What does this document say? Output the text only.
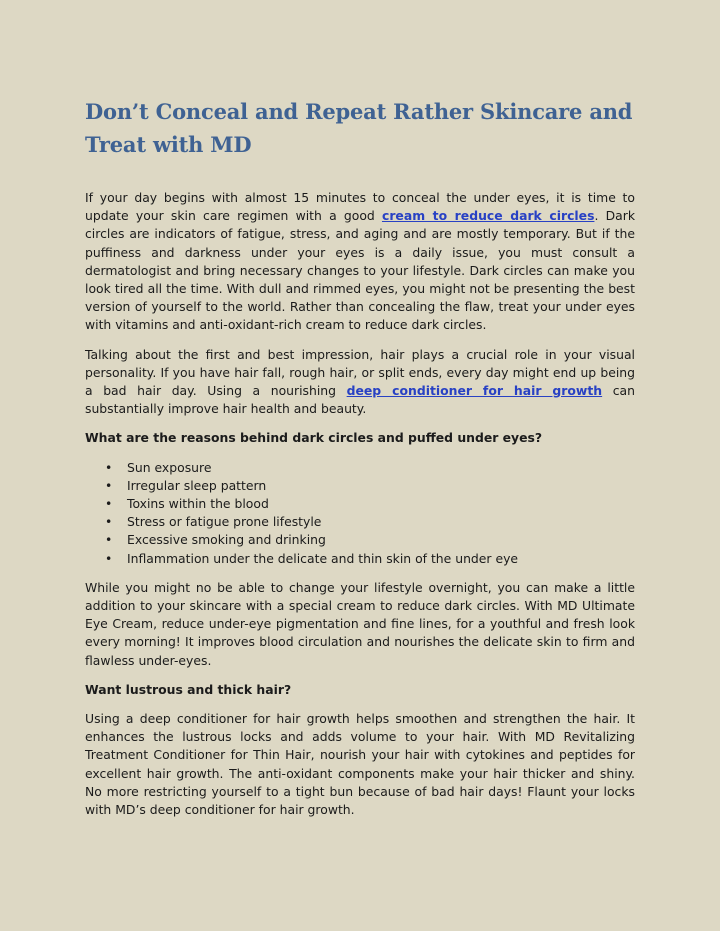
Don’t Conceal and Repeat Rather Skincare and Treat with MD

If your day begins with almost 15 minutes to conceal the under eyes, it is time to update your skin care regimen with a good cream to reduce dark circles. Dark circles are indicators of fatigue, stress, and aging and are mostly temporary. But if the puffiness and darkness under your eyes is a daily issue, you must consult a dermatologist and bring necessary changes to your lifestyle. Dark circles can make you look tired all the time. With dull and rimmed eyes, you might not be presenting the best version of yourself to the world. Rather than concealing the flaw, treat your under eyes with vitamins and anti-oxidant-rich cream to reduce dark circles.

Talking about the first and best impression, hair plays a crucial role in your visual personality. If you have hair fall, rough hair, or split ends, every day might end up being a bad hair day. Using a nourishing deep conditioner for hair growth can substantially improve hair health and beauty.

What are the reasons behind dark circles and puffed under eyes?

• Sun exposure
• Irregular sleep pattern
• Toxins within the blood
• Stress or fatigue prone lifestyle
• Excessive smoking and drinking
• Inflammation under the delicate and thin skin of the under eye

While you might no be able to change your lifestyle overnight, you can make a little addition to your skincare with a special cream to reduce dark circles. With MD Ultimate Eye Cream, reduce under-eye pigmentation and fine lines, for a youthful and fresh look every morning! It improves blood circulation and nourishes the delicate skin to firm and flawless under-eyes.

Want lustrous and thick hair?

Using a deep conditioner for hair growth helps smoothen and strengthen the hair. It enhances the lustrous locks and adds volume to your hair. With MD Revitalizing Treatment Conditioner for Thin Hair, nourish your hair with cytokines and peptides for excellent hair growth. The anti-oxidant components make your hair thicker and shiny. No more restricting yourself to a tight bun because of bad hair days! Flaunt your locks with MD’s deep conditioner for hair growth.
